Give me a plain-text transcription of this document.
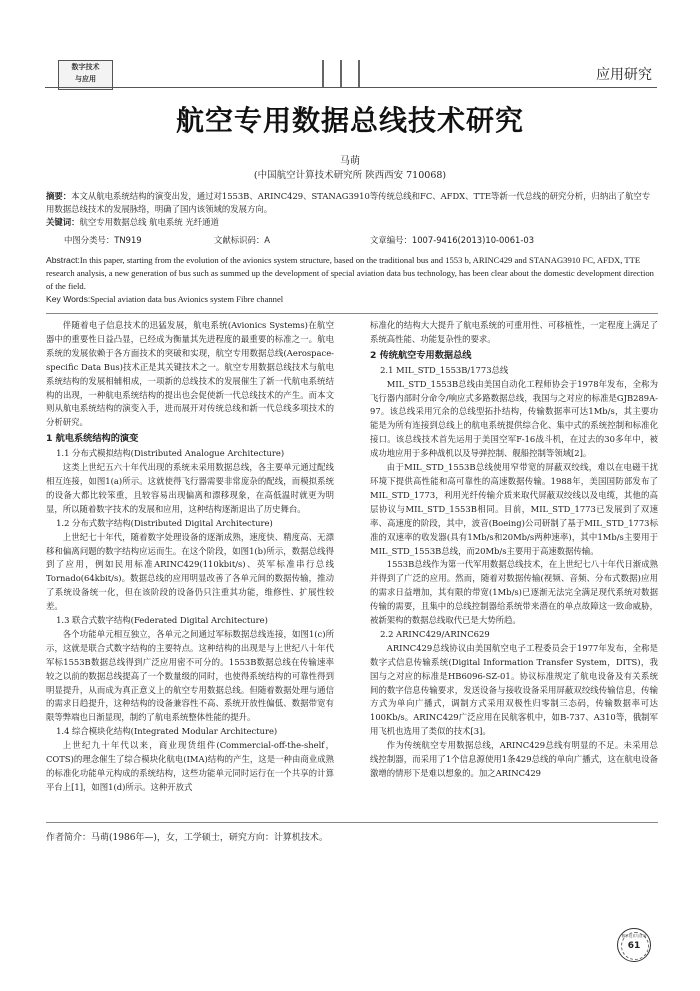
数字技术
与应用	应用研究
航空专用数据总线技术研究
马萌
(中国航空计算技术研究所 陕西西安 710068)
摘要：本文从航电系统结构的演变出发，通过对1553B、ARINC429、STANAG3910等传统总线和FC、AFDX、TTE等新一代总线的研究分析，归纳出了航空专用数据总线技术的发展脉络，明确了国内该领域的发展方向。
关键词：航空专用数据总线 航电系统 光纤通道
中图分类号：TN919	文献标识码：A	文章编号：1007-9416(2013)10-0061-03
Abstract:In this paper, starting from the evolution of the avionics system structure, based on the traditional bus and 1553 b, ARINC429 and STANAG3910 FC, AFDX, TTE research analysis, a new generation of bus such as summed up the development of special aviation data bus technology, has been clear about the domestic development direction of the field.
Key Words:Special aviation data bus Avionics system Fibre channel

伴随着电子信息技术的迅猛发展，航电系统(Avionics Systems)在航空器中的重要性日益凸显，已经成为衡量其先进程度的最重要的标准之一。航电系统的发展依赖于各方面技术的突破和实现，航空专用数据总线(Aerospace-specific Data Bus)技术正是其关键技术之一。航空专用数据总线技术与航电系统结构的发展相辅相成，一项新的总线技术的发展催生了新一代航电系统结构的出现，一种航电系统结构的提出也会促使新一代总线技术的产生。而本文则从航电系统结构的演变入手，进而展开对传统总线和新一代总线多项技术的分析研究。

1 航电系统结构的演变

1.1 分布式模拟结构(Distributed Analogue Architecture)

这类上世纪五六十年代出现的系统未采用数据总线，各主要单元通过配线相互连接，如图1(a)所示。这就使得飞行器需要非常庞杂的配线，而模拟系统的设备大都比较笨重，且较容易出现偏离和漂移现象，在高低温时就更为明显，所以随着数字技术的发展和应用，这种结构逐渐退出了历史舞台。

1.2 分布式数字结构(Distributed Digital Architecture)

上世纪七十年代，随着数字处理设备的逐渐成熟，速度快、精度高、无漂移和偏离问题的数字结构应运而生。在这个阶段，如图1(b)所示，数据总线得到了应用，例如民用标准ARINC429(110kbit/s)、英军标准串行总线Tornado(64kbit/s)。数据总线的应用明显改善了各单元间的数据传输，推动了系统设备统一化，但在该阶段的设备仍只注重其功能，维修性、扩展性较差。

1.3 联合式数字结构(Federated Digital Architecture)

各个功能单元相互独立，各单元之间通过军标数据总线连接，如图1(c)所示，这就是联合式数字结构的主要特点。这种结构的出现是与上世纪八十年代军标1553B数据总线得到广泛应用密不可分的。1553B数据总线在传输速率较之以前的数据总线提高了一个数量级的同时，也使得系统结构的可靠性得到明显提升，从而成为真正意义上的航空专用数据总线。但随着数据处理与通信的需求日趋提升，这种结构的设备兼容性不高、系统开放性偏低、数据带宽有限等弊端也日渐显现，制约了航电系统整体性能的提升。

1.4 综合模块化结构(Integrated Modular Architecture)

上世纪九十年代以来，商业现货组件(Commercial-off-the-shelf，COTS)的理念催生了综合模块化航电(IMA)结构的产生，这是一种由商业成熟的标准化功能单元构成的系统结构，这些功能单元同时运行在一个共享的计算平台上[1]，如图1(d)所示。这种开放式

标准化的结构大大提升了航电系统的可重用性、可移植性，一定程度上满足了系统高性能、功能复杂性的要求。

2 传统航空专用数据总线

2.1 MIL_STD_1553B/1773总线

MIL_STD_1553B总线由美国自动化工程师协会于1978年发布，全称为飞行器内部时分命令/响应式多路数据总线，我国与之对应的标准是GJB289A-97。该总线采用冗余的总线型拓扑结构，传输数据率可达1Mb/s，其主要功能是为所有连接到总线上的航电系统提供综合化、集中式的系统控制和标准化接口。该总线技术首先运用于美国空军F-16战斗机，在过去的30多年中，被成功地应用于多种战机以及导弹控制、舰船控制等领域[2]。

由于MIL_STD_1553B总线使用窄带宽的屏蔽双绞线，难以在电磁干扰环境下提供高性能和高可靠性的高速数据传输。1988年，美国国防部发布了MIL_STD_1773，利用光纤传输介质来取代屏蔽双绞线以及电缆，其他的高层协议与MIL_STD_1553B相同。目前，MIL_STD_1773已发展到了双速率、高速度的阶段，其中，波音(Boeing)公司研制了基于MIL_STD_1773标准的双速率的收发器(具有1Mb/s和20Mb/s两种速率)，其中1Mb/s主要用于MIL_STD_1553B总线，而20Mb/s主要用于高速数据传输。

1553B总线作为第一代军用数据总线技术，在上世纪七八十年代日渐成熟并得到了广泛的应用。然而，随着对数据传输(视频、音频、分布式数据)应用的需求日益增加，其有限的带宽(1Mb/s)已逐渐无法完全满足现代系统对数据传输的需要，且集中的总线控制器给系统带来潜在的单点故障这一致命威胁，被新架构的数据总线取代已是大势所趋。

2.2 ARINC429/ARINC629

ARINC429总线协议由美国航空电子工程委员会于1977年发布，全称是数字式信息传输系统(Digital Information Transfer System，DITS)，我国与之对应的标准是HB6096-SZ-01。协议标准规定了航电设备及有关系统间的数字信息传输要求，发送设备与接收设备采用屏蔽双绞线传输信息，传输方式为单向广播式，调制方式采用双极性归零制三态码，传输数据率可达100Kb/s。ARINC429广泛应用在民航客机中，如B-737、A310等，俄制军用飞机也选用了类似的技术[3]。

作为传统航空专用数据总线，ARINC429总线有明显的不足。未采用总线控制器，而采用了1个信息源使用1条429总线的单向广播式，这在航电设备激增的情形下是难以想象的。加之ARINC429

作者简介：马萌(1986年—)，女，工学硕士，研究方向：计算机技术。
数字技术与应用
61
